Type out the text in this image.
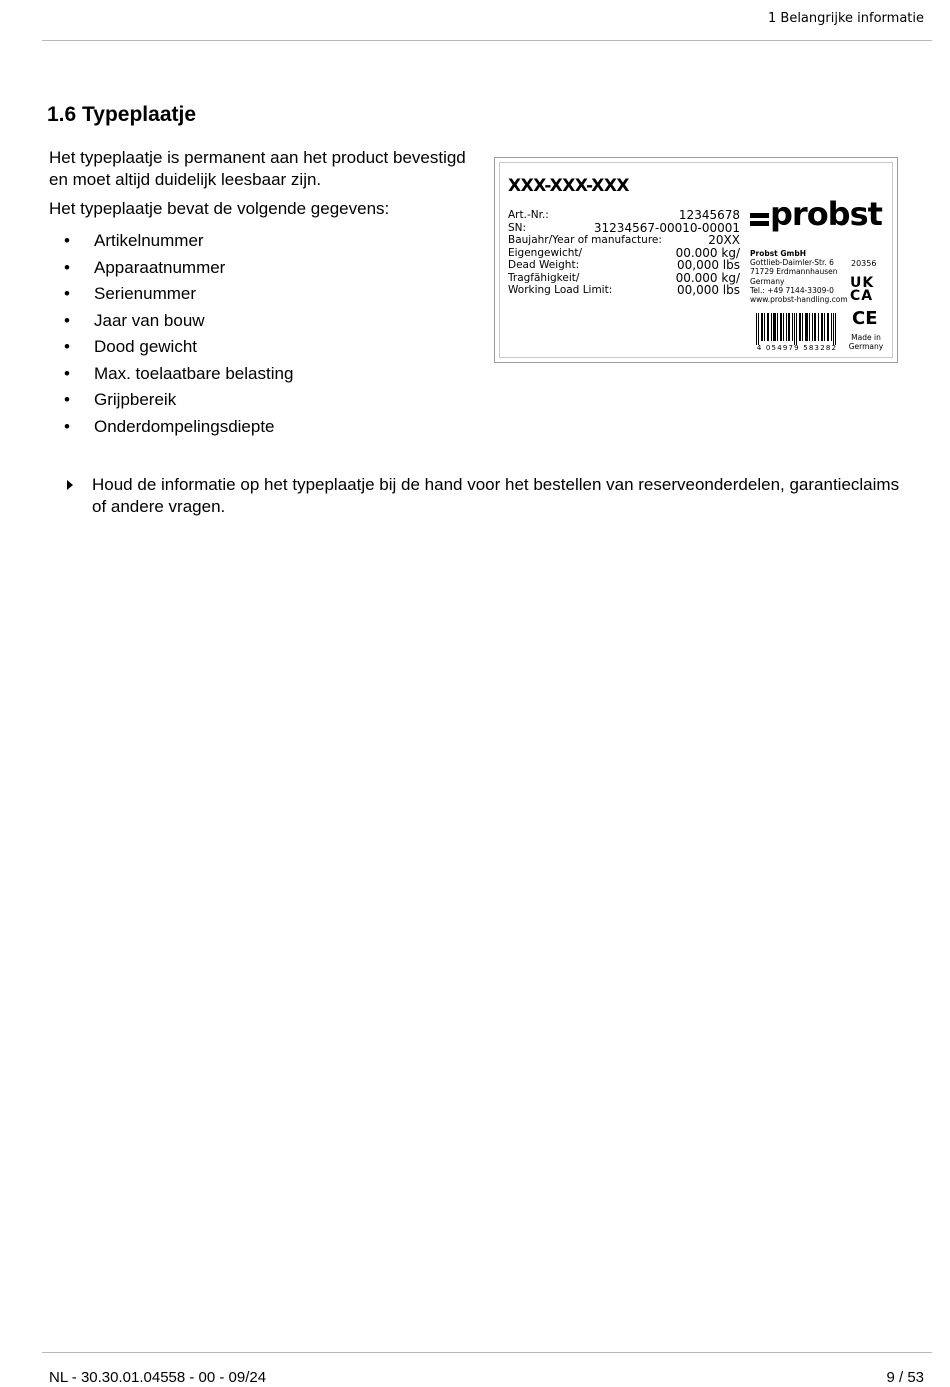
1 Belangrijke informatie
1.6 Typeplaatje

Het typeplaatje is permanent aan het product bevestigd en moet altijd duidelijk leesbaar zijn.

Het typeplaatje bevat de volgende gegevens:

• Artikelnummer
• Apparaatnummer
• Serienummer
• Jaar van bouw
• Dood gewicht
• Max. toelaatbare belasting
• Grijpbereik
• Onderdompelingsdiepte
XXX-XXX-XXX
Art.-Nr.:	12345678
SN:	31234567-00010-00001
Baujahr/Year of manufacture:	20XX
Eigengewicht/	00.000 kg/
Dead Weight:	00,000 lbs
Tragfähigkeit/	00.000 kg/
Working Load Limit:	00,000 lbs
probst
Probst GmbH
Gottlieb-Daimler-Str. 6
71729 Erdmannhausen
Germany
Tel.: +49 7144-3309-0
www.probst-handling.com
20356
UK
CA
CE
Made in
Germany
4 054979 583282
Houd de informatie op het typeplaatje bij de hand voor het bestellen van reserveonderdelen, garantieclaims of andere vragen.
NL - 30.30.01.04558 - 00 - 09/24	9 / 53
